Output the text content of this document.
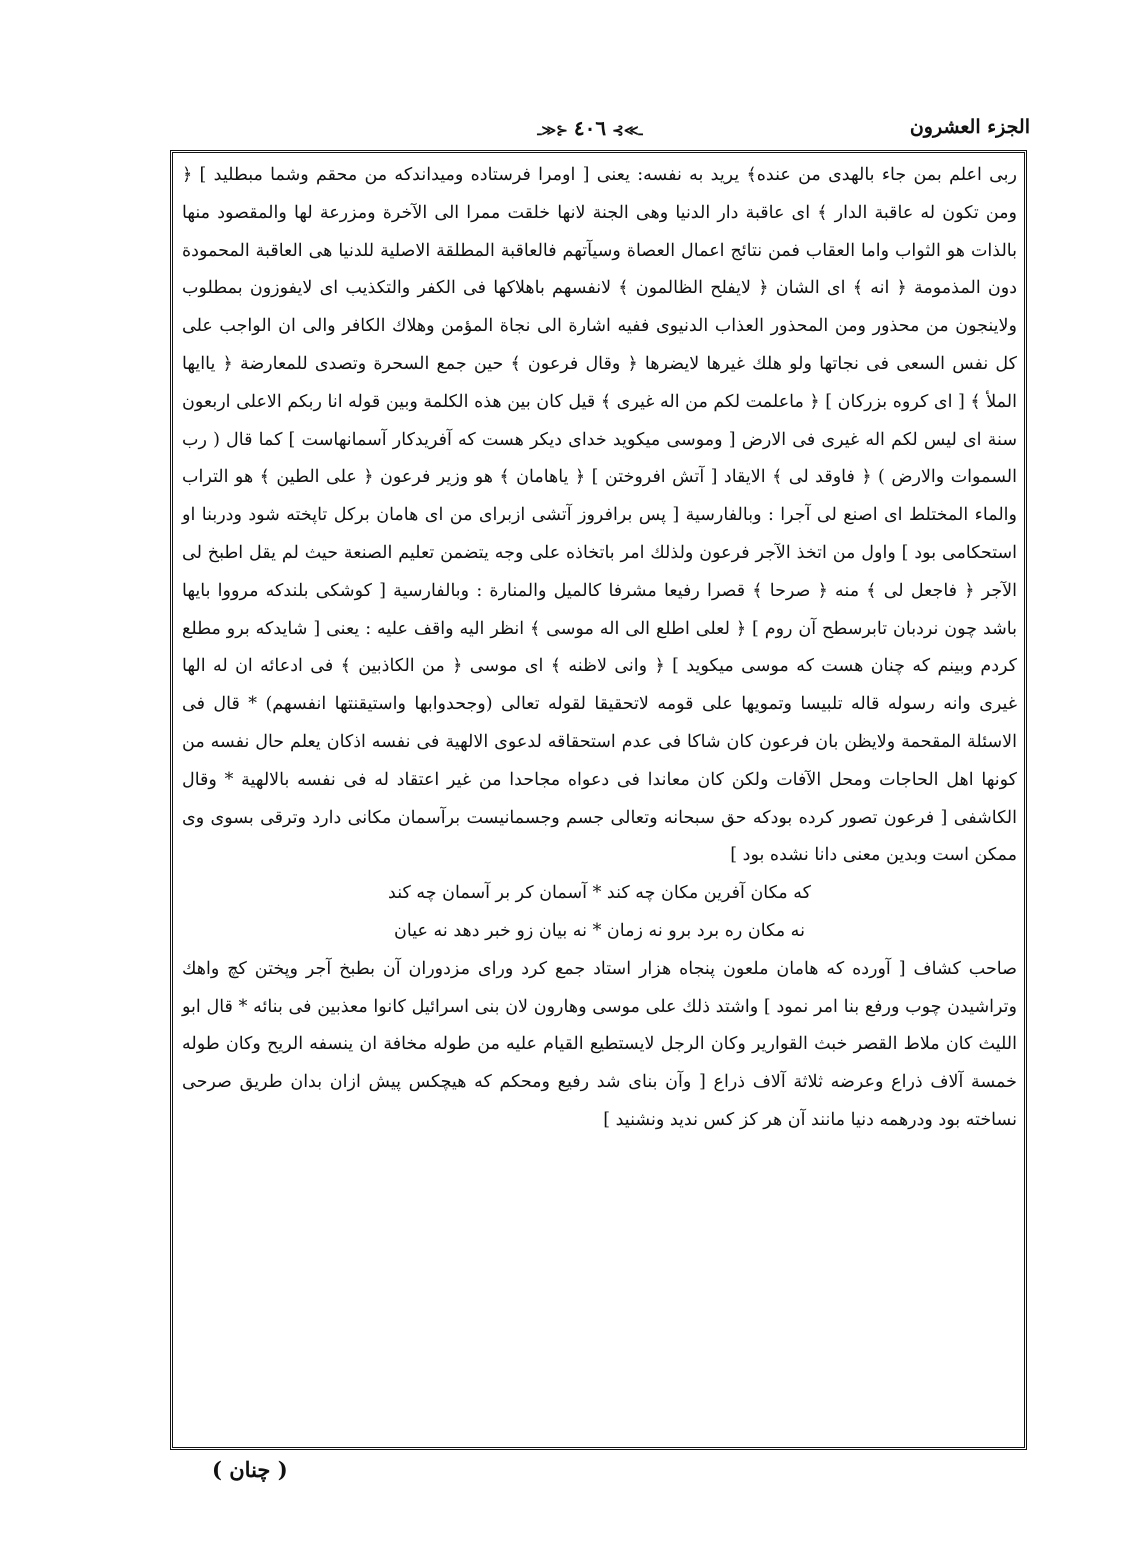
الجزء العشرون
ـ≫⊱٤٠٦⊰≪ـ

ربى اعلم بمن جاء بالهدى من عنده﴾ يريد به نفسه: يعنى [ اومرا فرستاده وميداندكه من محقم وشما مبطليد ] ﴿ ومن تكون له عاقبة الدار ﴾ اى عاقبة دار الدنيا وهى الجنة لانها خلقت ممرا الى الآخرة ومزرعة لها والمقصود منها بالذات هو الثواب واما العقاب فمن نتائج اعمال العصاة وسيآتهم فالعاقبة المطلقة الاصلية للدنيا هى العاقبة المحمودة دون المذمومة ﴿ انه ﴾ اى الشان ﴿ لايفلح الظالمون ﴾ لانفسهم باهلاكها فى الكفر والتكذيب اى لايفوزون بمطلوب ولاينجون من محذور ومن المحذور العذاب الدنيوى ففيه اشارة الى نجاة المؤمن وهلاك الكافر والى ان الواجب على كل نفس السعى فى نجاتها ولو هلك غيرها لايضرها ﴿ وقال فرعون ﴾ حين جمع السحرة وتصدى للمعارضة ﴿ ياايها الملأ ﴾ [ اى كروه بزركان ] ﴿ ماعلمت لكم من اله غيرى ﴾ قيل كان بين هذه الكلمة وبين قوله انا ربكم الاعلى اربعون سنة اى ليس لكم اله غيرى فى الارض [ وموسى ميكويد خداى ديكر هست كه آفريدكار آسمانهاست ] كما قال ( رب السموات والارض ) ﴿ فاوقد لى ﴾ الايقاد [ آتش افروختن ] ﴿ ياهامان ﴾ هو وزير فرعون ﴿ على الطين ﴾ هو التراب والماء المختلط اى اصنع لى آجرا : وبالفارسية [ پس برافروز آتشى ازبراى من اى هامان بركل تاپخته شود ودربنا او استحكامى بود ] واول من اتخذ الآجر فرعون ولذلك امر باتخاذه على وجه يتضمن تعليم الصنعة حيث لم يقل اطبخ لى الآجر ﴿ فاجعل لى ﴾ منه ﴿ صرحا ﴾ قصرا رفيعا مشرفا كالميل والمنارة : وبالفارسية [ كوشكى بلندكه مرووا بايها باشد چون نردبان تابرسطح آن روم ] ﴿ لعلى اطلع الى اله موسى ﴾ انظر اليه واقف عليه : يعنى [ شايدكه برو مطلع كردم وبينم كه چنان هست كه موسى ميكويد ] ﴿ وانى لاظنه ﴾ اى موسى ﴿ من الكاذبين ﴾ فى ادعائه ان له الها غيرى وانه رسوله قاله تلبيسا وتمويها على قومه لاتحقيقا لقوله تعالى (وجحدوابها واستيقنتها انفسهم) * قال فى الاسئلة المقحمة ولايظن بان فرعون كان شاكا فى عدم استحقاقه لدعوى الالهية فى نفسه اذكان يعلم حال نفسه من كونها اهل الحاجات ومحل الآفات ولكن كان معاندا فى دعواه مجاحدا من غير اعتقاد له فى نفسه بالالهية * وقال الكاشفى [ فرعون تصور كرده بودكه حق سبحانه وتعالى جسم وجسمانيست برآسمان مكانى دارد وترقى بسوى وى ممكن است وبدين معنى دانا نشده بود ]

كه مكان آفرين مكان چه كند * آسمان كر بر آسمان چه كند

نه مكان ره برد برو نه زمان * نه بيان زو خبر دهد نه عيان

صاحب كشاف [ آورده كه هامان ملعون پنجاه هزار استاد جمع كرد وراى مزدوران آن بطبخ آجر وپختن كچ واهك وتراشيدن چوب ورفع بنا امر نمود ] واشتد ذلك على موسى وهارون لان بنى اسرائيل كانوا معذبين فى بنائه * قال ابو الليث كان ملاط القصر خبث القوارير وكان الرجل لايستطيع القيام عليه من طوله مخافة ان ينسفه الريح وكان طوله خمسة آلاف ذراع وعرضه ثلاثة آلاف ذراع [ وآن بناى شد رفيع ومحكم كه هيچكس پيش ازان بدان طريق صرحى نساخته بود ودرهمه دنيا مانند آن هر كز كس نديد ونشنيد ]

( چنان )
